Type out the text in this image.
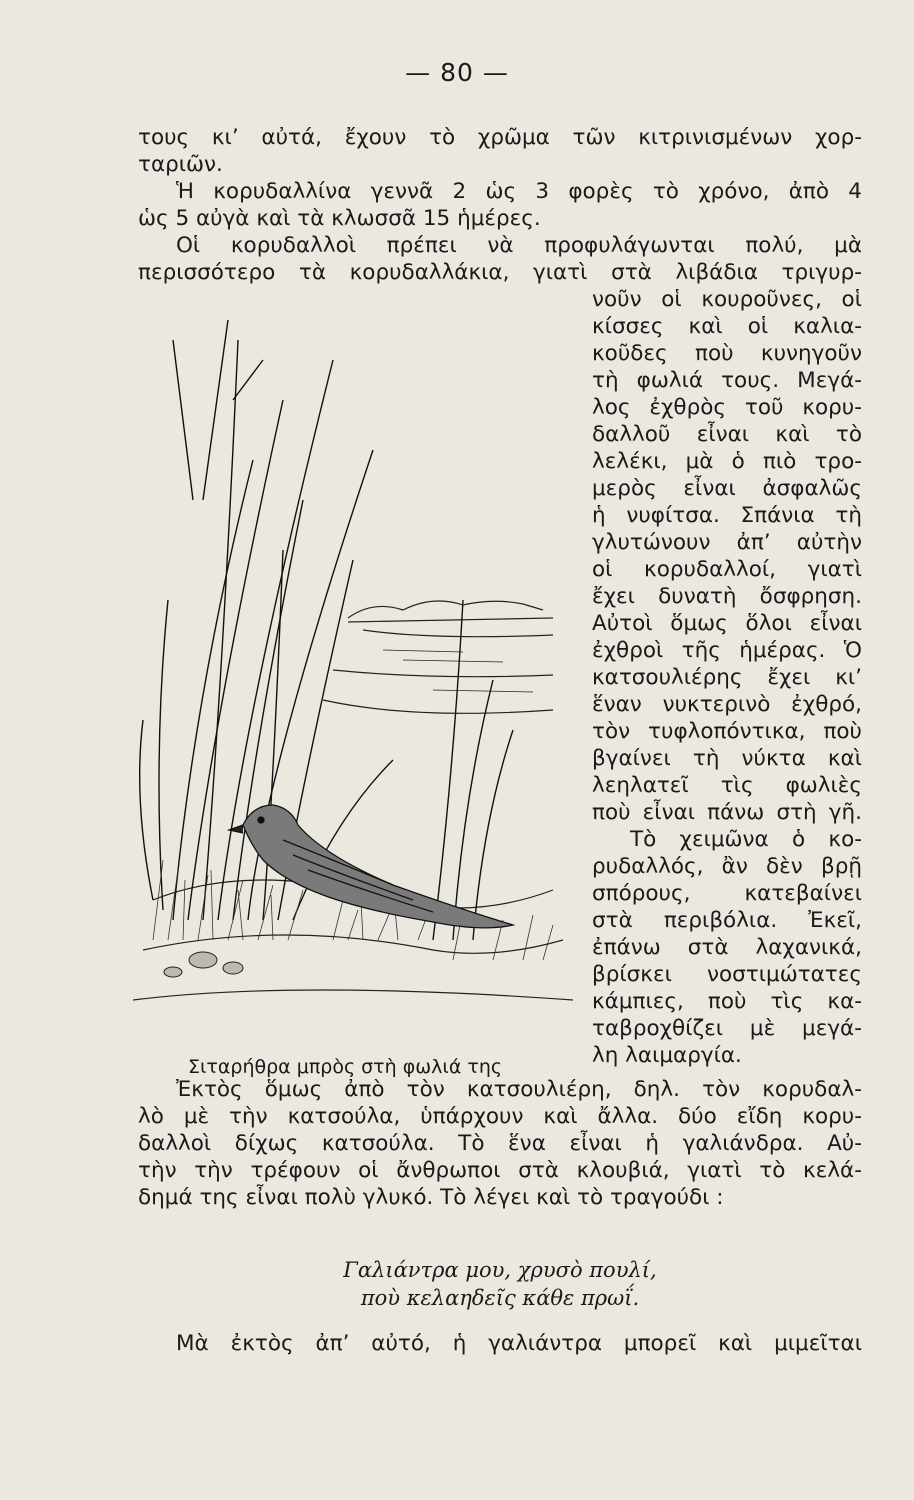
— 80 —
τους κι’ αὐτά, ἔχουν τὸ χρῶμα τῶν κιτρινισμένων χορ-
ταριῶν.
Ἡ κορυδαλλίνα γεννᾶ 2 ὡς 3 φορὲς τὸ χρόνο, ἀπὸ 4
ὡς 5 αὐγὰ καὶ τὰ κλωσσᾶ 15 ἡμέρες.
Οἱ κορυδαλλοὶ πρέπει νὰ προφυλάγωνται πολύ, μὰ
περισσότερο τὰ κορυδαλλάκια, γιατὶ στὰ λιβάδια τριγυρ-
νοῦν οἱ κουροῦνες, οἱ
κίσσες καὶ οἱ καλια-
κοῦδες ποὺ κυνηγοῦν
τὴ φωλιά τους. Μεγά-
λος ἐχθρὸς τοῦ κορυ-
δαλλοῦ εἶναι καὶ τὸ
λελέκι, μὰ ὁ πιὸ τρο-
μερὸς εἶναι ἀσφαλῶς
ἡ νυφίτσα. Σπάνια τὴ
γλυτώνουν ἀπ’ αὐτὴν
οἱ κορυδαλλοί, γιατὶ
ἔχει δυνατὴ ὄσφρηση.
Αὐτοὶ ὅμως ὅλοι εἶναι
ἐχθροὶ τῆς ἡμέρας. Ὁ
κατσουλιέρης ἔχει κι’
ἕναν νυκτερινὸ ἐχθρό,
τὸν τυφλοπόντικα, ποὺ
βγαίνει τὴ νύκτα καὶ
λεηλατεῖ τὶς φωλιὲς
ποὺ εἶναι πάνω στὴ γῆ.
Τὸ χειμῶνα ὁ κο-
ρυδαλλός, ἂν δὲν βρῇ
σπόρους, κατεβαίνει
στὰ περιβόλια. Ἐκεῖ,
ἐπάνω στὰ λαχανικά,
βρίσκει νοστιμώτατες
κάμπιες, ποὺ τὶς κα-
ταβροχθίζει μὲ μεγά-
λη λαιμαργία.
Σιταρήθρα μπρὸς στὴ φωλιά της
Ἐκτὸς ὅμως ἀπὸ τὸν κατσουλιέρη, δηλ. τὸν κορυδαλ-
λὸ μὲ τὴν κατσούλα, ὑπάρχουν καὶ ἄλλα. δύο εἴδη κορυ-
δαλλοὶ δίχως κατσούλα. Τὸ ἕνα εἶναι ἡ γαλιάνδρα. Αὐ-
τὴν τὴν τρέφουν οἱ ἄνθρωποι στὰ κλουβιά, γιατὶ τὸ κελά-
δημά της εἶναι πολὺ γλυκό. Τὸ λέγει καὶ τὸ τραγούδι :
Γαλιάντρα μου, χρυσὸ πουλί,
ποὺ κελαηδεῖς κάθε πρωΐ.
Μὰ ἐκτὸς ἀπ’ αὐτό, ἡ γαλιάντρα μπορεῖ καὶ μιμεῖται
